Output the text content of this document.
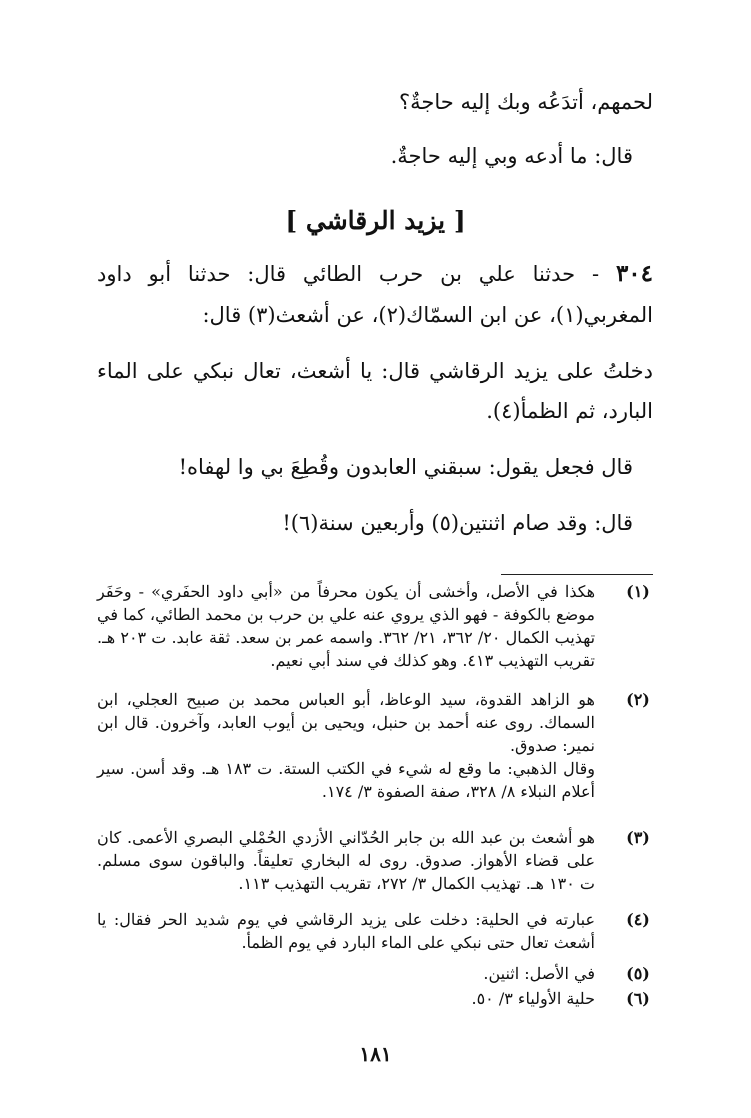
لحمهم، أتدَعُه وبك إليه حاجةٌ؟
قال: ما أدعه وبي إليه حاجةٌ.
[ يزيد الرقاشي ]
٣٠٤ - حدثنا علي بن حرب الطائي قال: حدثنا أبو داود
المغربي(١)، عن ابن السمّاك(٢)، عن أشعث(٣) قال:
دخلتُ على يزيد الرقاشي قال: يا أشعث، تعال نبكي على الماء
البارد، ثم الظمأ(٤).
قال فجعل يقول: سبقني العابدون وقُطِعَ بي وا لهفاه!
قال: وقد صام اثنتين(٥) وأربعين سنة(٦)!
(١)
هكذا في الأصل، وأخشى أن يكون محرفاً من «أبي داود الحفَري» - وحَفَر
موضع بالكوفة - فهو الذي يروي عنه علي بن حرب بن محمد الطائي، كما في
تهذيب الكمال ٢٠/ ٣٦٢، ٢١/ ٣٦٢. واسمه عمر بن سعد. ثقة عابد. ت ٢٠٣ هـ.
تقريب التهذيب ٤١٣. وهو كذلك في سند أبي نعيم.
(٢)
هو الزاهد القدوة، سيد الوعاظ، أبو العباس محمد بن صبيح العجلي، ابن
السماك. روى عنه أحمد بن حنبل، ويحيى بن أيوب العابد، وآخرون. قال ابن
نمير: صدوق.
وقال الذهبي: ما وقع له شيء في الكتب الستة. ت ١٨٣ هـ. وقد أسن. سير
أعلام النبلاء ٨/ ٣٢٨، صفة الصفوة ٣/ ١٧٤.
(٣)
هو أشعث بن عبد الله بن جابر الحُدّاني الأزدي الحُمْلي البصري الأعمى. كان
على قضاء الأهواز. صدوق. روى له البخاري تعليقاً. والباقون سوى مسلم.
ت ١٣٠ هـ. تهذيب الكمال ٣/ ٢٧٢، تقريب التهذيب ١١٣.
(٤)
عبارته في الحلية: دخلت على يزيد الرقاشي في يوم شديد الحر فقال: يا
أشعث تعال حتى نبكي على الماء البارد في يوم الظمأ.
(٥)
في الأصل: اثنين.
(٦)
حلية الأولياء ٣/ ٥٠.
١٨١
